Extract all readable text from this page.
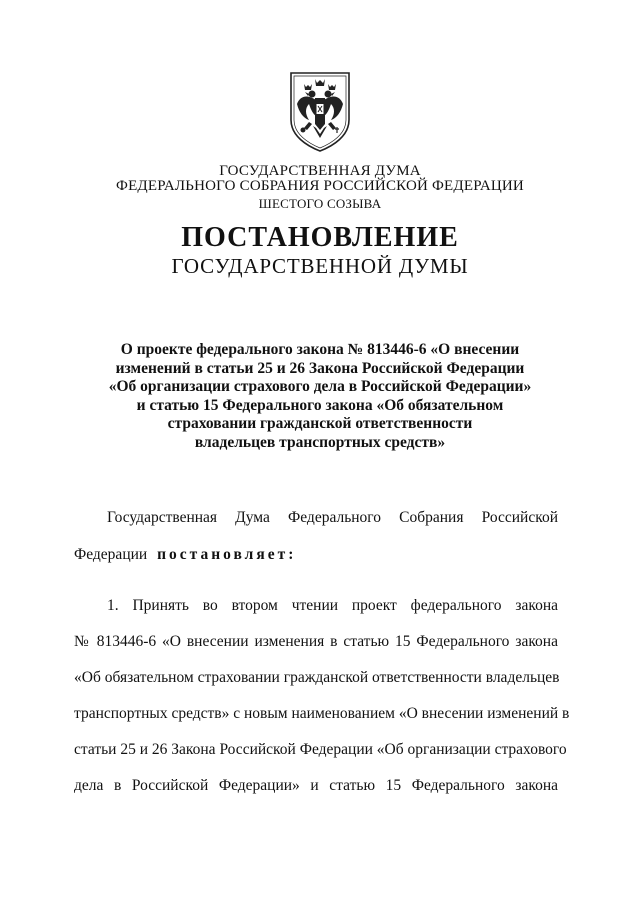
ГОСУДАРСТВЕННАЯ ДУМА
ФЕДЕРАЛЬНОГО СОБРАНИЯ РОССИЙСКОЙ ФЕДЕРАЦИИ
ШЕСТОГО СОЗЫВА
ПОСТАНОВЛЕНИЕ
ГОСУДАРСТВЕННОЙ ДУМЫ
О проекте федерального закона № 813446-6 «О внесении
изменений в статьи 25 и 26 Закона Российской Федерации
«Об организации страхового дела в Российской Федерации»
и статью 15 Федерального закона «Об обязательном
страховании гражданской ответственности
владельцев транспортных средств»
Государственная Дума Федерального Собрания Российской
Федерации постановляет:
1. Принять во втором чтении проект федерального закона
№ 813446-6 «О внесении изменения в статью 15 Федерального закона
«Об обязательном страховании гражданской ответственности владельцев
транспортных средств» с новым наименованием «О внесении изменений в
статьи 25 и 26 Закона Российской Федерации «Об организации страхового
дела в Российской Федерации» и статью 15 Федерального закона
